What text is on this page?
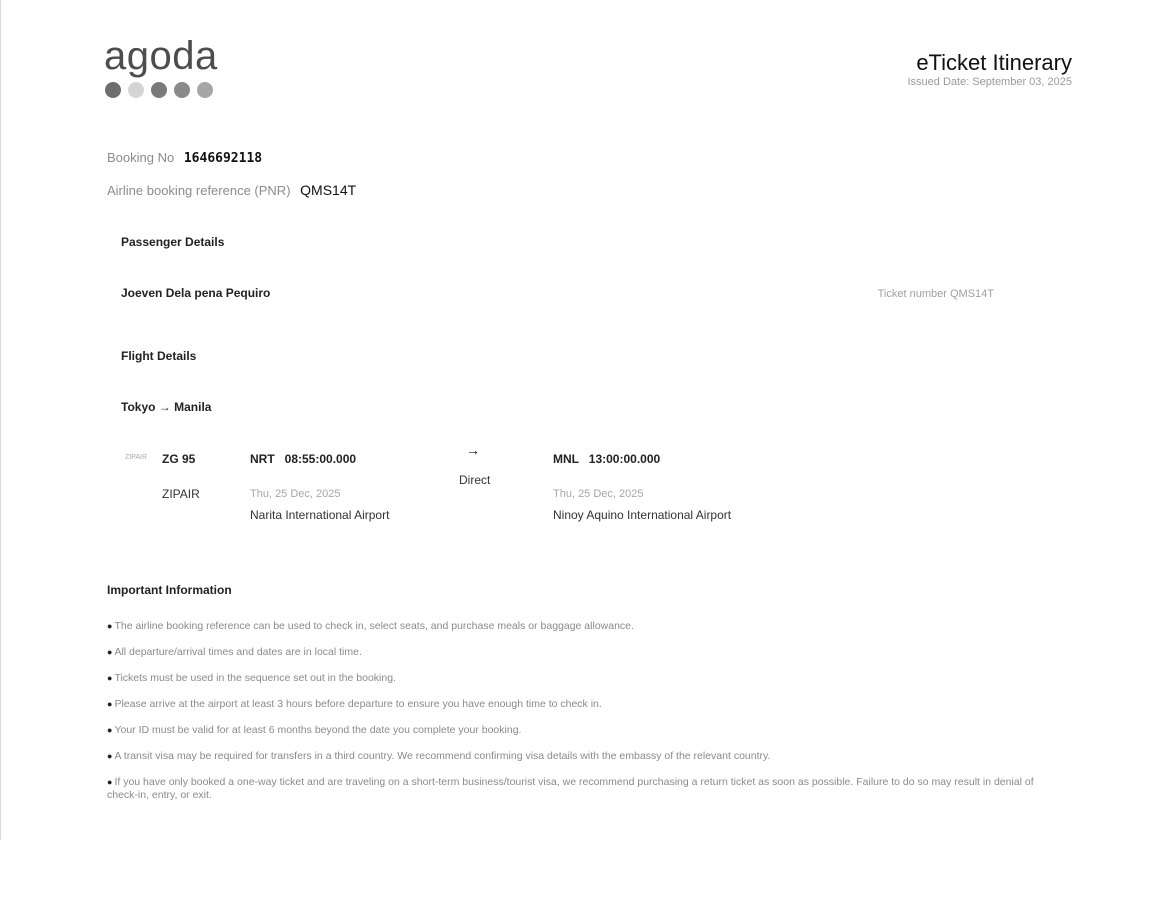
agoda	eTicket Itinerary
Issued Date: September 03, 2025
Booking No 1646692118
Airline booking reference (PNR) QMS14T
Passenger Details
Joeven Dela pena Pequiro	Ticket number QMS14T
Flight Details
Tokyo → Manila
ZIPAIR ZG 95
ZIPAIR
NRT   08:55:00.000
Thu, 25 Dec, 2025
Narita International Airport
→
Direct
MNL   13:00:00.000
Thu, 25 Dec, 2025
Ninoy Aquino International Airport
Important Information
● The airline booking reference can be used to check in, select seats, and purchase meals or baggage allowance.
● All departure/arrival times and dates are in local time.
● Tickets must be used in the sequence set out in the booking.
● Please arrive at the airport at least 3 hours before departure to ensure you have enough time to check in.
● Your ID must be valid for at least 6 months beyond the date you complete your booking.
● A transit visa may be required for transfers in a third country. We recommend confirming visa details with the embassy of the relevant country.
● If you have only booked a one-way ticket and are traveling on a short-term business/tourist visa, we recommend purchasing a return ticket as soon as possible. Failure to do so may result in denial of check-in, entry, or exit.
